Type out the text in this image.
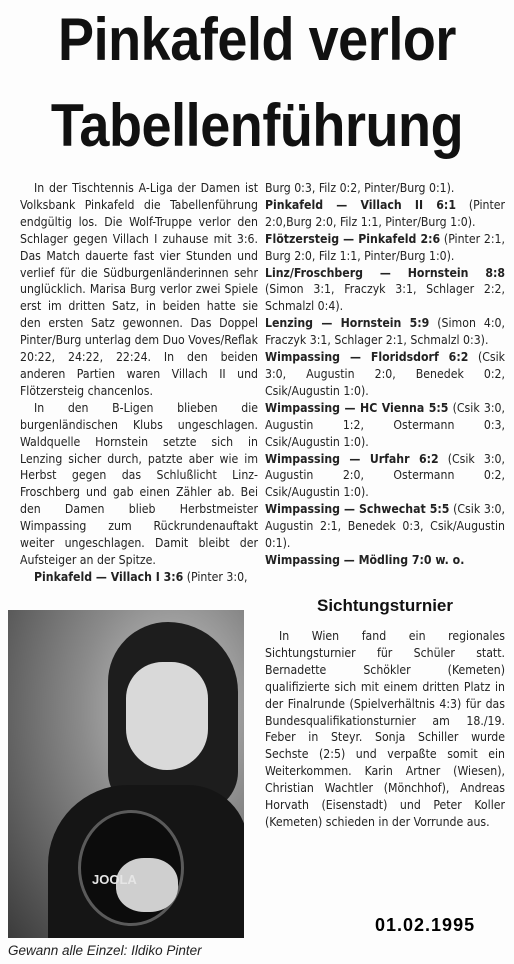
Pinkafeld verlor
Tabellenführung

In der Tischtennis A-Liga der Damen ist Volksbank Pinkafeld die Tabellenführung endgültig los. Die Wolf-Truppe verlor den Schlager gegen Villach I zuhause mit 3:6. Das Match dauerte fast vier Stunden und verlief für die Südburgenländerinnen sehr unglücklich. Marisa Burg verlor zwei Spiele erst im dritten Satz, in beiden hatte sie den ersten Satz gewonnen. Das Doppel Pinter/Burg unterlag dem Duo Voves/Reflak 20:22, 24:22, 22:24. In den beiden anderen Partien waren Villach II und Flötzersteig chancenlos.

In den B-Ligen blieben die burgenländischen Klubs ungeschlagen. Waldquelle Hornstein setzte sich in Lenzing sicher durch, patzte aber wie im Herbst gegen das Schlußlicht Linz-Froschberg und gab einen Zähler ab. Bei den Damen blieb Herbstmeister Wimpassing zum Rückrundenauftakt weiter ungeschlagen. Damit bleibt der Aufsteiger an der Spitze.

Pinkafeld — Villach I 3:6 (Pinter 3:0,

Burg 0:3, Filz 0:2, Pinter/Burg 0:1).

Pinkafeld — Villach II 6:1 (Pinter 2:0,Burg 2:0, Filz 1:1, Pinter/Burg 1:0).

Flötzersteig — Pinkafeld 2:6 (Pinter 2:1, Burg 2:0, Filz 1:1, Pinter/Burg 1:0).

Linz/Froschberg — Hornstein 8:8 (Simon 3:1, Fraczyk 3:1, Schlager 2:2, Schmalzl 0:4).

Lenzing — Hornstein 5:9 (Simon 4:0, Fraczyk 3:1, Schlager 2:1, Schmalzl 0:3).

Wimpassing — Floridsdorf 6:2 (Csik 3:0, Augustin 2:0, Benedek 0:2, Csik/Augustin 1:0).

Wimpassing — HC Vienna 5:5 (Csik 3:0, Augustin 1:2, Ostermann 0:3, Csik/Augustin 1:0).

Wimpassing — Urfahr 6:2 (Csik 3:0, Augustin 2:0, Ostermann 0:2, Csik/Augustin 1:0).

Wimpassing — Schwechat 5:5 (Csik 3:0, Augustin 2:1, Benedek 0:3, Csik/Augustin 0:1).

Wimpassing — Mödling 7:0 w. o.

Sichtungsturnier

In Wien fand ein regionales Sichtungsturnier für Schüler statt. Bernadette Schökler (Kemeten) qualifizierte sich mit einem dritten Platz in der Finalrunde (Spielverhältnis 4:3) für das Bundesqualifikationsturnier am 18./19. Feber in Steyr. Sonja Schiller wurde Sechste (2:5) und verpaßte somit ein Weiterkommen. Karin Artner (Wiesen), Christian Wachtler (Mönchhof), Andreas Horvath (Eisenstadt) und Peter Koller (Kemeten) schieden in der Vorrunde aus.

JOOLA
Gewann alle Einzel: Ildiko Pinter
01.02.1995
